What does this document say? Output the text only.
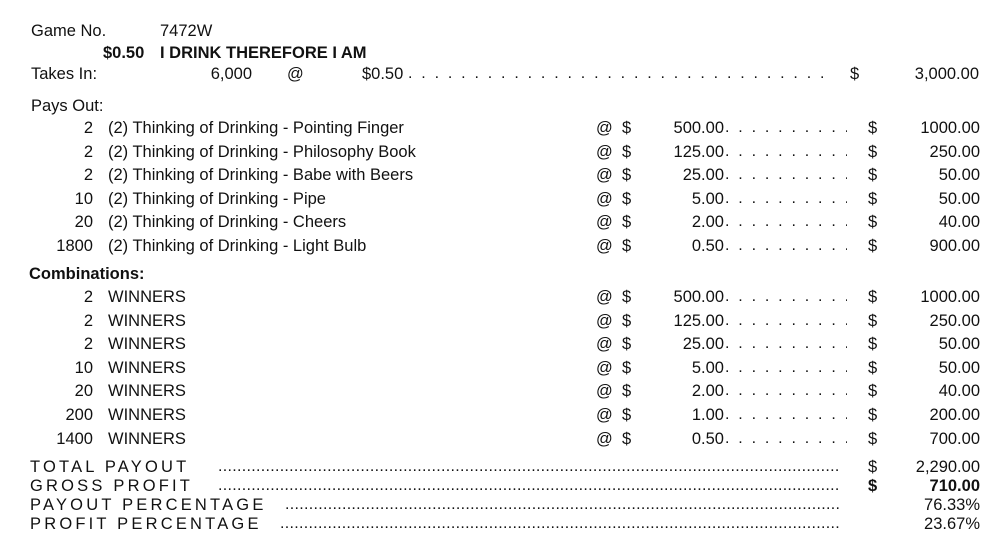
Game No.	7472W
$0.50 I DRINK THEREFORE I AM
Takes In:	6,000 @	$0.50 . . .	$	3,000.00
Pays Out:
2 (2) Thinking of Drinking - Pointing Finger	@ $	500.00	$	1000.00
. . .
2 (2) Thinking of Drinking - Philosophy Book	@ $	125.00	$	250.00
. . .
2 (2) Thinking of Drinking - Babe with Beers	@ $	25.00	$	50.00
. . .
10 (2) Thinking of Drinking - Pipe	@ $	5.00	$	50.00
. . .
20 (2) Thinking of Drinking - Cheers	@ $	2.00	$	40.00
. . .
1800 (2) Thinking of Drinking - Light Bulb	@ $	0.50	$	900.00
. . .
Combinations:
2 WINNERS	@ $	500.00	$	1000.00
. . .
2 WINNERS	@ $	125.00	$	250.00
. . .
2 WINNERS	@ $	25.00	$	50.00
. . .
10 WINNERS	@ $	5.00	$	50.00
. . .
20 WINNERS	@ $	2.00	$	40.00
. . .
200 WINNERS	@ $	1.00	$	200.00
. . .
1400 WINNERS	@ $	0.50	$	700.00
. . .
TOTAL PAYOUT .....	$	2,290.00
GROSS PROFIT .....	$	710.00
PAYOUT PERCENTAGE .....	76.33%
PROFIT PERCENTAGE .....	23.67%
